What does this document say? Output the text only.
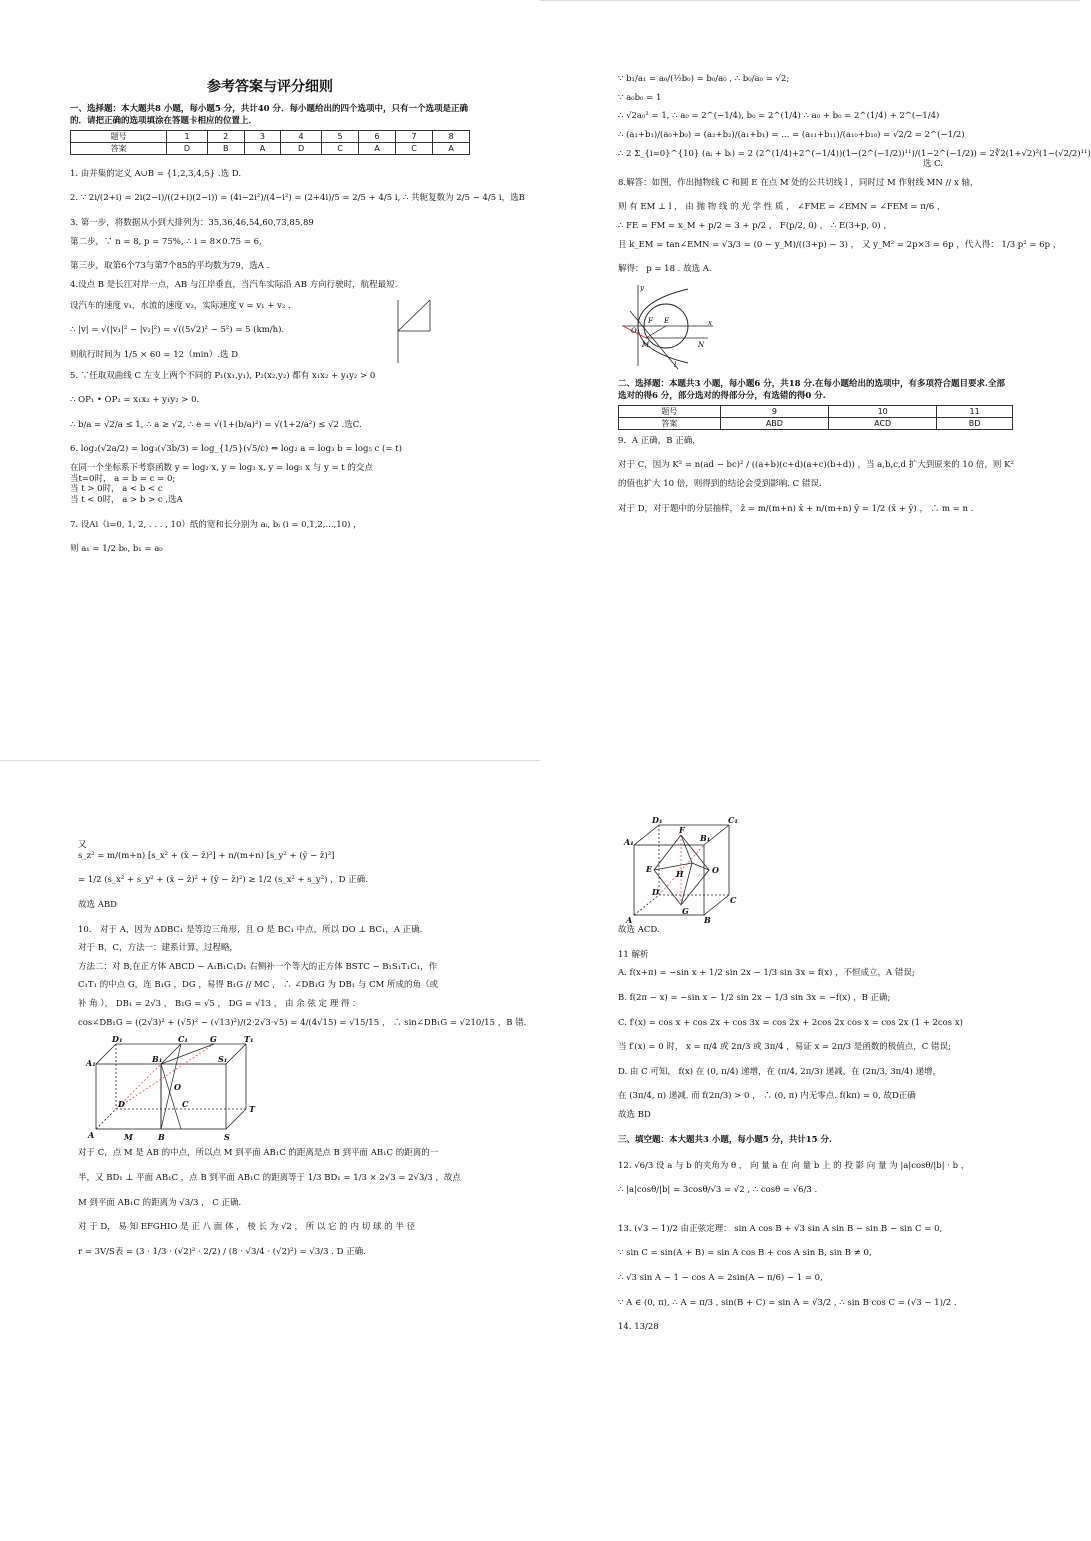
参考答案与评分细则
一、选择题：本大题共8 小题，每小题5 分，共计40 分．每小题给出的四个选项中，只有一个选项是正确的．请把正确的选项填涂在答题卡相应的位置上．
题号	1	2	3	4	5	6	7	8
答案	D	B	A	D	C	A	C	A

1. 由并集的定义 A∪B = {1,2,3,4,5} .选 D.

2. ∵ 2i/(2+i) = 2i(2−i)/((2+i)(2−i)) = (4i−2i²)/(4−i²) = (2+4i)/5 = 2/5 + 4/5 i, ∴ 共轭复数为 2/5 − 4/5 i，选B

3. 第一步，将数据从小到大排列为：35,36,46,54,60,73,85,89

第二步，∵ n = 8, p = 75%, ∴ i = 8×0.75 = 6,

第三步，取第6个73与第7个85的平均数为79，选A .

4.设点 B 是长江对岸一点，AB 与江岸垂直，当汽车实际沿 AB 方向行驶时，航程最短.

设汽车的速度 v₁，水流的速度 v₂，实际速度 v = v₁ + v₂ .

∴ |v| = √(|v₁|² − |v₂|²) = √((5√2)² − 5²) = 5 (km/h).

则航行时间为 1/5 × 60 = 12（min）.选 D

5. ∵任取双曲线 C 左支上两个不同的 P₁(x₁,y₁), P₂(x₂,y₂) 都有 x₁x₂ + y₁y₂ > 0

∴ OP₁ • OP₂ = x₁x₂ + y₁y₂ > 0.

∴ b/a = √2/a ≤ 1, ∴ a ≥ √2, ∴ e = √(1+(b/a)²) = √(1+2/a²) ≤ √2 .选C.

6. log₂(√2a/2) = log₃(√3b/3) = log_{1/5}(√5/c) ⇔ log₂ a = log₃ b = log₅ c (= t)

在同一个坐标系下考察函数 y = log₂ x, y = log₃ x, y = log₅ x 与 y = t 的交点

当t=0时， a = b = c = 0;

当 t > 0时， a < b < c

当 t < 0时， a > b > c ,选A

7. 设Ai（i=0, 1, 2, . . . , 10）纸的宽和长分别为 aᵢ, bᵢ (i = 0,1,2,...,10) ，

则 a₁ = 1/2 b₀, b₁ = a₀

∵ b₁/a₁ = a₀/(½b₀) = b₀/a₀ , ∴ b₀/a₀ = √2;

∵ a₀b₀ = 1

∴ √2a₀² = 1, ∴ a₀ = 2^(−1/4), b₀ = 2^(1/4) ∴ a₀ + b₀ = 2^(1/4) + 2^(−1/4)

∴ (a₁+b₁)/(a₀+b₀) = (a₂+b₂)/(a₁+b₁) = ... = (a₁₁+b₁₁)/(a₁₀+b₁₀) = √2/2 = 2^(−1/2)

∴ 2 Σ_{i=0}^{10} (aᵢ + bᵢ) = 2 (2^(1/4)+2^(−1/4))(1−(2^(−1/2))¹¹)/(1−2^(−1/2)) = 2∜2(1+√2)²(1−(√2/2)¹¹)

选 C.

8.解答：如图，作出抛物线 C 和圆 E 在点 M 处的公共切线 l ，同时过 M 作射线 MN // x 轴，

则 有 EM ⊥ l ， 由 抛 物 线 的 光 学 性 质 ， ∠FME = ∠EMN = ∠FEM = π/6 ，

∴ FE = FM = x_M + p/2 = 3 + p/2 ， F(p/2, 0) ， ∴ E(3+p, 0) ，

且 k_EM = tan∠EMN = √3/3 = (0 − y_M)/((3+p) − 3) ， 又 y_M² = 2p×3 = 6p ，代入得： 1/3 p² = 6p ，

解得： p = 18 . 故选 A.

y
x
O
F E
M	N
l
二、选择题：本题共3 小题，每小题6 分，共18 分.在每小题给出的选项中，有多项符合题目要求.全部选对的得6 分，部分选对的得部分分，有选错的得0 分.
题号	9	10	11
答案	ABD	ACD	BD

9．A 正确，B 正确，

对于 C，因为 K² = n(ad − bc)² / ((a+b)(c+d)(a+c)(b+d)) ，当 a,b,c,d 扩大到原来的 10 倍，则 K²

的值也扩大 10 倍，则得到的结论会受到影响. C 错误.

对于 D，对于题中的分层抽样， z̄ = m/(m+n) x̄ + n/(m+n) ȳ = 1/2 (x̄ + ȳ) ， ∴ m = n .

又

s_z² = m/(m+n) [s_x² + (x̄ − z̄)²] + n/(m+n) [s_y² + (ȳ − z̄)²]

= 1/2 (s_x² + s_y² + (x̄ − z̄)² + (ȳ − z̄)²) ≥ 1/2 (s_x² + s_y²) ，D 正确.

故选 ABD

10． 对于 A，因为 ΔDBC₁ 是等边三角形，且 O 是 BC₁ 中点，所以 DO ⊥ BC₁，A 正确.

对于 B，C，方法一：建系计算，过程略，

方法二：对 B,在正方体 ABCD − A₁B₁C₁D₁ 右侧补一个等大的正方体 BSTC − B₁S₁T₁C₁，作

C₁T₁ 的中点 G，连 B₁G ，DG ，易得 B₁G // MC ， ∴ ∠DB₁G 为 DB₁ 与 CM 所成的角（或

补 角 ）， DB₁ = 2√3 ， B₁G = √5 ， DG = √13 ， 由 余 弦 定 理 得 ：

cos∠DB₁G = ((2√3)² + (√5)² − (√13)²)/(2·2√3·√5) = 4/(4√15) = √15/15 ， ∴ sin∠DB₁G = √210/15 ，B 错.

D₁	C₁	G	T₁
A₁	B₁	S₁
O
D	C	T
A	M	B	S

对于 C，点 M 是 AB 的中点，所以点 M 到平面 AB₁C 的距离是点 B 到平面 AB₁C 的距离的一

半，又 BD₁ ⊥ 平面 AB₁C ，点 B 到平面 AB₁C 的距离等于 1/3 BD₁ = 1/3 × 2√3 = 2√3/3 ，故点

M 到平面 AB₁C 的距离为 √3/3 ， C 正确.

对 于 D， 易 知 EFGHIO 是 正 八 面 体 ， 棱 长 为 √2 ， 所 以 它 的 内 切 球 的 半 径

r = 3V/S表 = (3 · 1/3 · (√2)² · 2/2) / (8 · √3/4 · (√2)²) = √3/3 . D 正确.

D₁	C₁
A₁
F
B₁
E	H	O
D
C
G
A	B

故选 ACD.

11 解析

A. f(x+π) = −sin x + 1/2 sin 2x − 1/3 sin 3x = f(x) ，不恒成立，A 错误;

B. f(2π − x) = −sin x − 1/2 sin 2x − 1/3 sin 3x = −f(x) ，B 正确;

C. f′(x) = cos x + cos 2x + cos 3x = cos 2x + 2cos 2x cos x = cos 2x (1 + 2cos x)

当 f′(x) = 0 时， x = π/4 或 2π/3 或 3π/4 ，易证 x = 2π/3 是函数的极值点，C 错误;

D. 由 C 可知， f(x) 在 (0, π/4) 递增，在 (π/4, 2π/3) 递减，在 (2π/3, 3π/4) 递增，

在 (3π/4, π) 递减. 而 f(2π/3) > 0 ， ∴ (0, π) 内无零点. f(kπ) = 0, 故D正确

故选 BD

三、填空题：本大题共3 小题，每小题5 分，共计15 分.

12. √6/3 设 a 与 b 的夹角为 θ ， 向 量 a 在 向 量 b 上 的 投 影 向 量 为 |a|cosθ/|b| · b ，

∴ |a|cosθ/|b| = 3cosθ/√3 = √2 , ∴ cosθ = √6/3 .

13. (√3 − 1)/2 由正弦定理： sin A cos B + √3 sin A sin B − sin B − sin C = 0,

∵ sin C = sin(A + B) = sin A cos B + cos A sin B, sin B ≠ 0,

∴ √3 sin A − 1 − cos A = 2sin(A − π/6) − 1 = 0,

∵ A ∈ (0, π), ∴ A = π/3 , sin(B + C) = sin A = √3/2 , ∴ sin B cos C = (√3 − 1)/2 .

14. 13/28
